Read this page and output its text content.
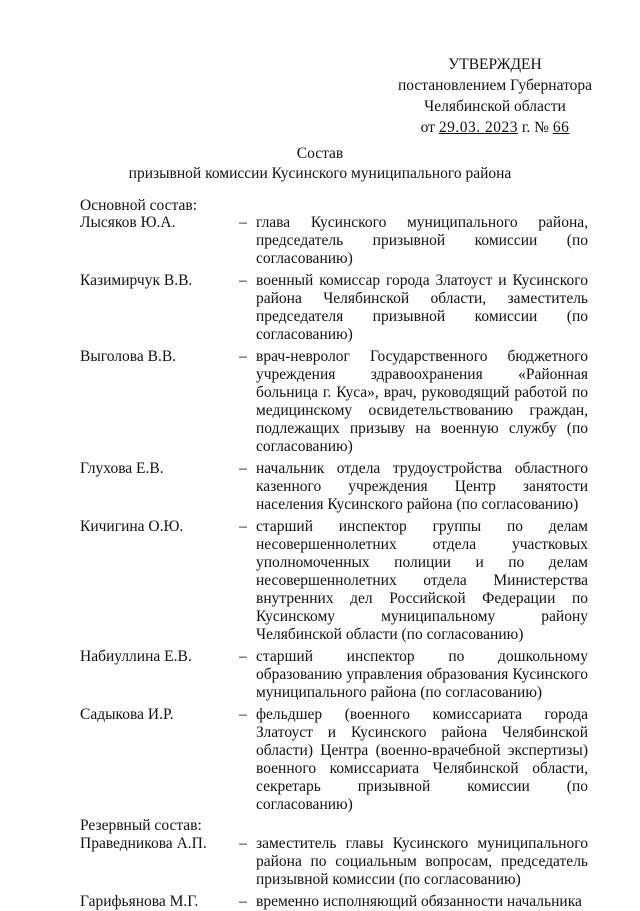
УТВЕРЖДЕН
постановлением Губернатора
Челябинской области
от 29.03. 2023 г. № 66
Состав
призывной комиссии Кусинского муниципального района
Основной состав:
Лысяков Ю.А.	–	глава Кусинского муниципального района, председатель призывной комиссии (по согласованию)
Казимирчук В.В.	–	военный комиссар города Златоуст и Кусинского района Челябинской области, заместитель председателя призывной комиссии (по согласованию)
Выголова В.В.	–	врач-невролог Государственного бюджетного учреждения здравоохранения «Районная больница г. Куса», врач, руководящий работой по медицинскому освидетельствованию граждан, подлежащих призыву на военную службу (по согласованию)
Глухова Е.В.	–	начальник отдела трудоустройства областного казенного учреждения Центр занятости населения Кусинского района (по согласованию)
Кичигина О.Ю.	–	старший инспектор группы по делам несовершеннолетних отдела участковых уполномоченных полиции и по делам несовершеннолетних отдела Министерства внутренних дел Российской Федерации по Кусинскому муниципальному району Челябинской области (по согласованию)
Набиуллина Е.В.	–	старший инспектор по дошкольному образованию управления образования Кусинского муниципального района (по согласованию)
Садыкова И.Р.	–	фельдшер (военного комиссариата города Златоуст и Кусинского района Челябинской области) Центра (военно-врачебной экспертизы) военного комиссариата Челябинской области, секретарь призывной комиссии (по согласованию)
Резервный состав:
Праведникова А.П.	–	заместитель главы Кусинского муниципального района по социальным вопросам, председатель призывной комиссии (по согласованию)
Гарифьянова М.Г.	–	временно исполняющий обязанности начальника
